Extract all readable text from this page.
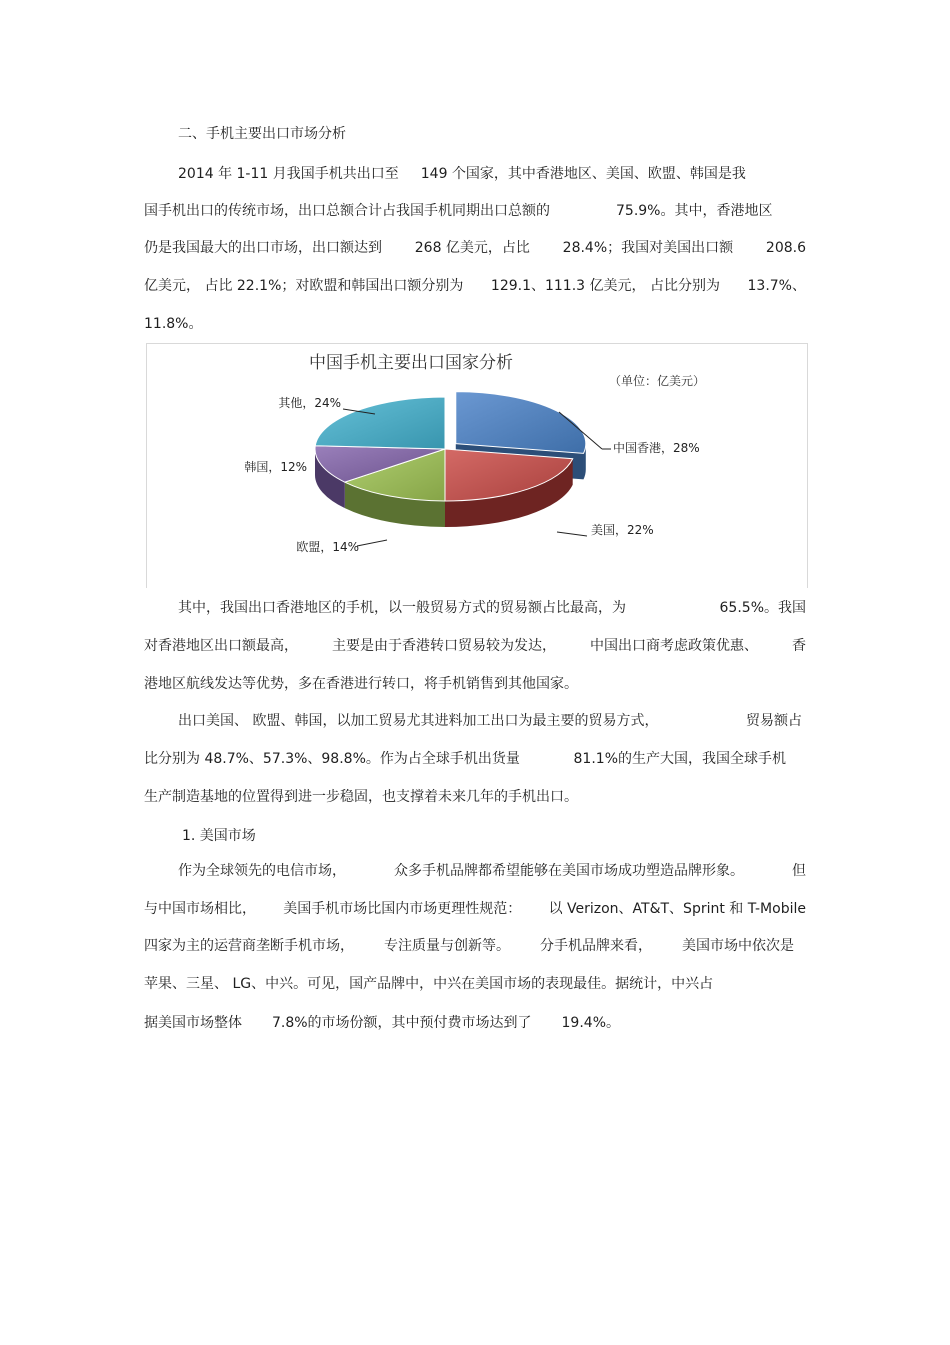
二、手机主要出口市场分析
2014 年 1-11 月我国手机共出口至 149 个国家，其中香港地区、美国、欧盟、韩国是我
国手机出口的传统市场，出口总额合计占我国手机同期出口总额的	75.9%。其中，香港地区
仍是我国最大的出口市场，出口额达到 268 亿美元，占比 28.4%；我国对美国出口额 208.6
亿美元， 占比 22.1%；对欧盟和韩国出口额分别为 129.1、111.3 亿美元， 占比分别为 13.7%、
11.8%。
中国手机主要出口国家分析
（单位：亿美元）
中国香港，28%
美国，22%
欧盟，14%
韩国，12%
其他，24%
其中，我国出口香港地区的手机，以一般贸易方式的贸易额占比最高，为	65.5%。我国
对香港地区出口额最高， 主要是由于香港转口贸易较为发达， 中国出口商考虑政策优惠、 香
港地区航线发达等优势，多在香港进行转口，将手机销售到其他国家。
出口美国、 欧盟、韩国，以加工贸易尤其进料加工出口为最主要的贸易方式，	贸易额占
比分别为 48.7%、57.3%、98.8%。作为占全球手机出货量	81.1%的生产大国，我国全球手机
生产制造基地的位置得到进一步稳固，也支撑着未来几年的手机出口。
1. 美国市场
作为全球领先的电信市场，	众多手机品牌都希望能够在美国市场成功塑造品牌形象。	但
与中国市场相比， 美国手机市场比国内市场更理性规范： 以 Verizon、AT&T、Sprint 和 T-Mobile
四家为主的运营商垄断手机市场， 专注质量与创新等。 分手机品牌来看， 美国市场中依次是
苹果、三星、 LG、中兴。可见，国产品牌中，中兴在美国市场的表现最佳。据统计，中兴占
据美国市场整体 7.8%的市场份额，其中预付费市场达到了 19.4%。
